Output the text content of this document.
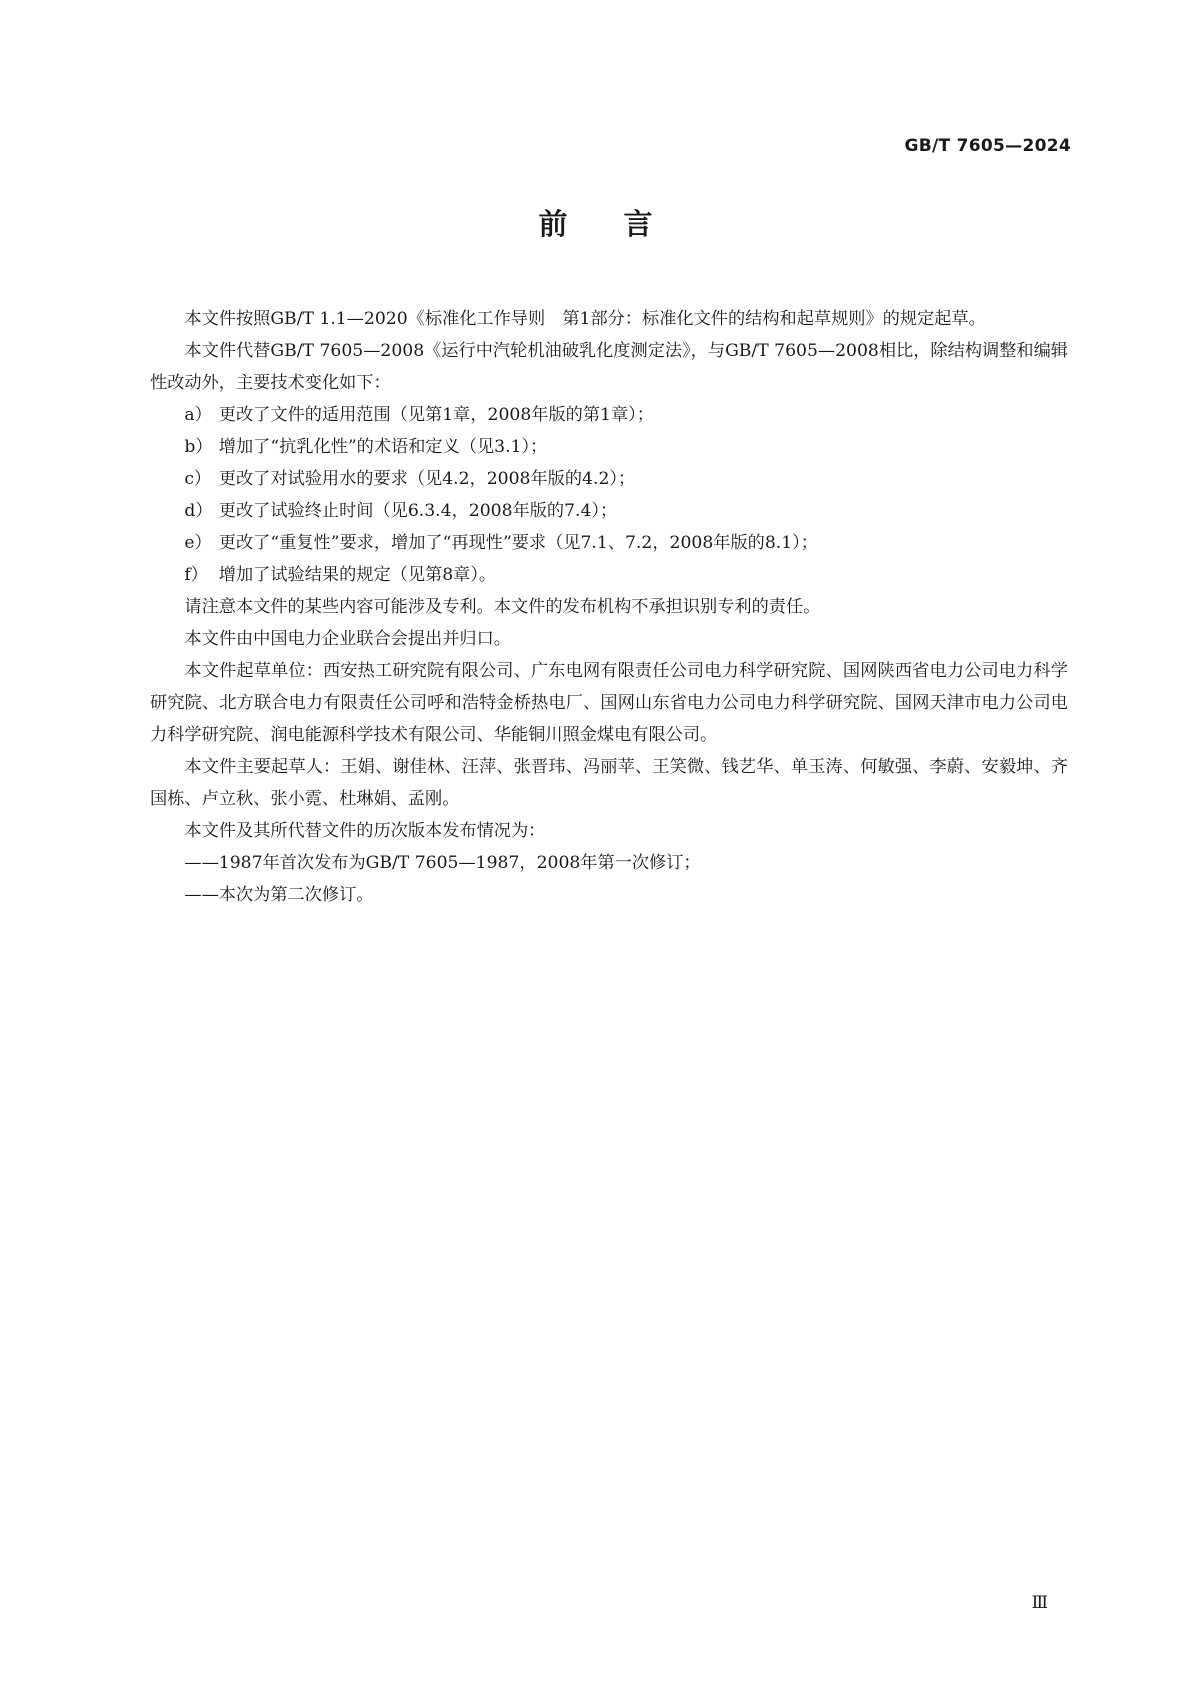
GB/T 7605—2024
前言

本文件按照GB/T 1.1—2020《标准化工作导则　第1部分：标准化文件的结构和起草规则》的规定起草。

本文件代替GB/T 7605—2008《运行中汽轮机油破乳化度测定法》，与GB/T 7605—2008相比，除结构调整和编辑性改动外，主要技术变化如下：

a） 更改了文件的适用范围（见第1章，2008年版的第1章）；

b） 增加了“抗乳化性”的术语和定义（见3.1）；

c） 更改了对试验用水的要求（见4.2，2008年版的4.2）；

d） 更改了试验终止时间（见6.3.4，2008年版的7.4）；

e） 更改了“重复性”要求，增加了“再现性”要求（见7.1、7.2，2008年版的8.1）；

f） 增加了试验结果的规定（见第8章）。

请注意本文件的某些内容可能涉及专利。本文件的发布机构不承担识别专利的责任。

本文件由中国电力企业联合会提出并归口。

本文件起草单位：西安热工研究院有限公司、广东电网有限责任公司电力科学研究院、国网陕西省电力公司电力科学研究院、北方联合电力有限责任公司呼和浩特金桥热电厂、国网山东省电力公司电力科学研究院、国网天津市电力公司电力科学研究院、润电能源科学技术有限公司、华能铜川照金煤电有限公司。

本文件主要起草人：王娟、谢佳林、汪萍、张晋玮、冯丽苹、王笑微、钱艺华、单玉涛、何敏强、李蔚、安毅坤、齐国栋、卢立秋、张小霓、杜琳娟、孟刚。

本文件及其所代替文件的历次版本发布情况为：

——1987年首次发布为GB/T 7605—1987，2008年第一次修订；

——本次为第二次修订。

Ⅲ
